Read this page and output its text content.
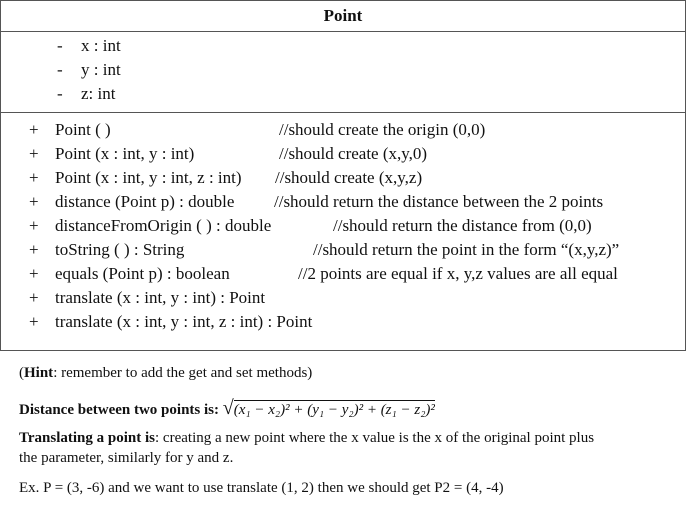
Point
- x : int
- y : int
- z: int
+ Point ( )	//should create the origin (0,0)
+ Point (x : int, y : int)	//should create (x,y,0)
+ Point (x : int, y : int, z : int) //should create (x,y,z)
+ distance (Point p) : double //should return the distance between the 2 points
+ distanceFromOrigin ( ) : double	//should return the distance from (0,0)
+ toString ( ) : String	//should return the point in the form “(x,y,z)”
+ equals (Point p) : boolean	//2 points are equal if x, y,z values are all equal
+ translate (x : int, y : int) : Point
+ translate (x : int, y : int, z : int) : Point
(Hint: remember to add the get and set methods)
Distance between two points is: √(x₁ − x₂)² + (y₁ − y₂)² + (z₁ − z₂)²
Translating a point is: creating a new point where the x value is the x of the original point plus
the parameter, similarly for y and z.
Ex. P = (3, -6) and we want to use translate (1, 2) then we should get P2 = (4, -4)
